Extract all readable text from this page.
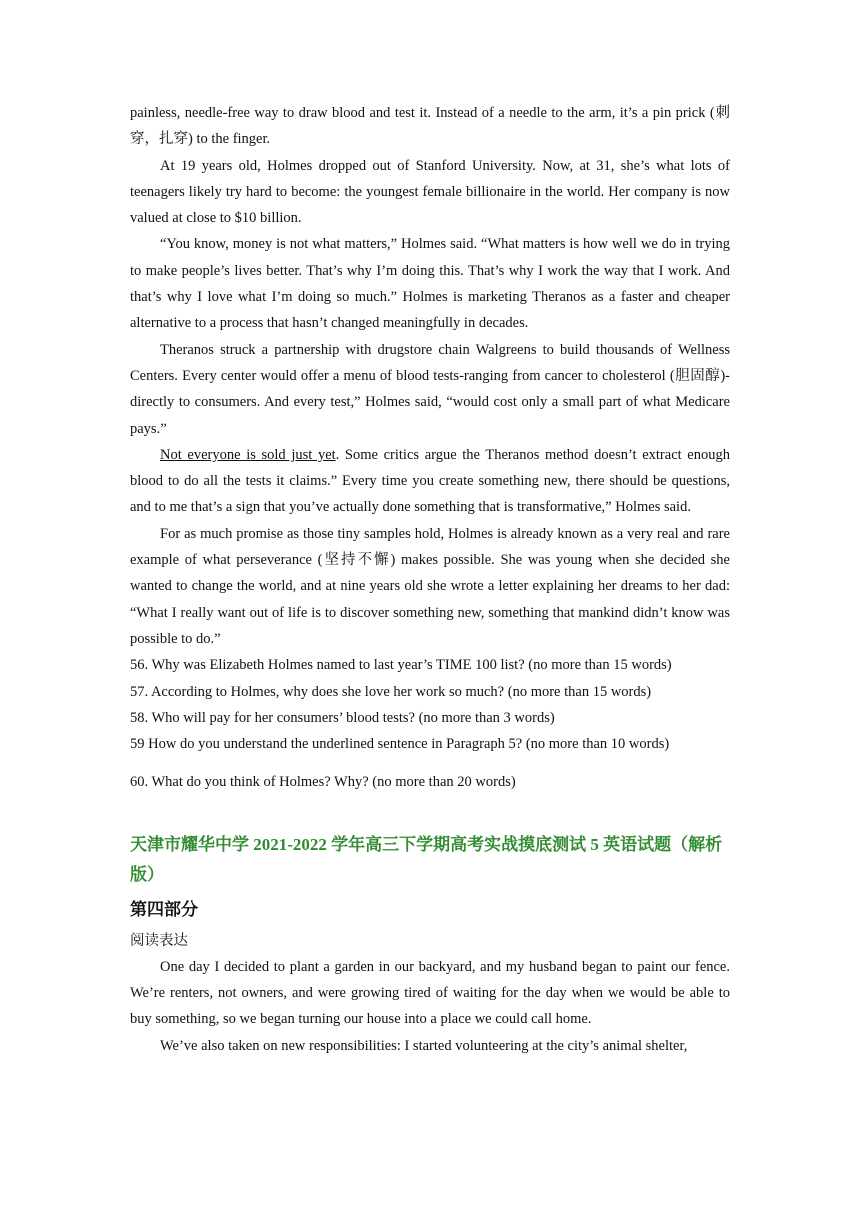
painless, needle-free way to draw blood and test it. Instead of a needle to the arm, it’s a pin prick (刺穿，扎穿) to the finger.

At 19 years old, Holmes dropped out of Stanford University. Now, at 31, she’s what lots of teenagers likely try hard to become: the youngest female billionaire in the world. Her company is now valued at close to $10 billion.

“You know, money is not what matters,” Holmes said. “What matters is how well we do in trying to make people’s lives better. That’s why I’m doing this. That’s why I work the way that I work. And that’s why I love what I’m doing so much.” Holmes is marketing Theranos as a faster and cheaper alternative to a process that hasn’t changed meaningfully in decades.

Theranos struck a partnership with drugstore chain Walgreens to build thousands of Wellness Centers. Every center would offer a menu of blood tests-ranging from cancer to cholesterol (胆固醇)- directly to consumers. And every test,” Holmes said, “would cost only a small part of what Medicare pays.”

Not everyone is sold just yet. Some critics argue the Theranos method doesn’t extract enough blood to do all the tests it claims.” Every time you create something new, there should be questions, and to me that’s a sign that you’ve actually done something that is transformative,” Holmes said.

For as much promise as those tiny samples hold, Holmes is already known as a very real and rare example of what perseverance (坚持不懈) makes possible. She was young when she decided she wanted to change the world, and at nine years old she wrote a letter explaining her dreams to her dad: “What I really want out of life is to discover something new, something that mankind didn’t know was possible to do.”

56. Why was Elizabeth Holmes named to last year’s TIME 100 list? (no more than 15 words)

57. According to Holmes, why does she love her work so much? (no more than 15 words)

58. Who will pay for her consumers’ blood tests? (no more than 3 words)

59 How do you understand the underlined sentence in Paragraph 5? (no more than 10 words)

60. What do you think of Holmes? Why? (no more than 20 words)

天津市耀华中学 2021-2022 学年高三下学期高考实战摸底测试 5 英语试题（解析版）
第四部分
阅读表达

One day I decided to plant a garden in our backyard, and my husband began to paint our fence. We’re renters, not owners, and were growing tired of waiting for the day when we would be able to buy something, so we began turning our house into a place we could call home.

We’ve also taken on new responsibilities: I started volunteering at the city’s animal shelter,
